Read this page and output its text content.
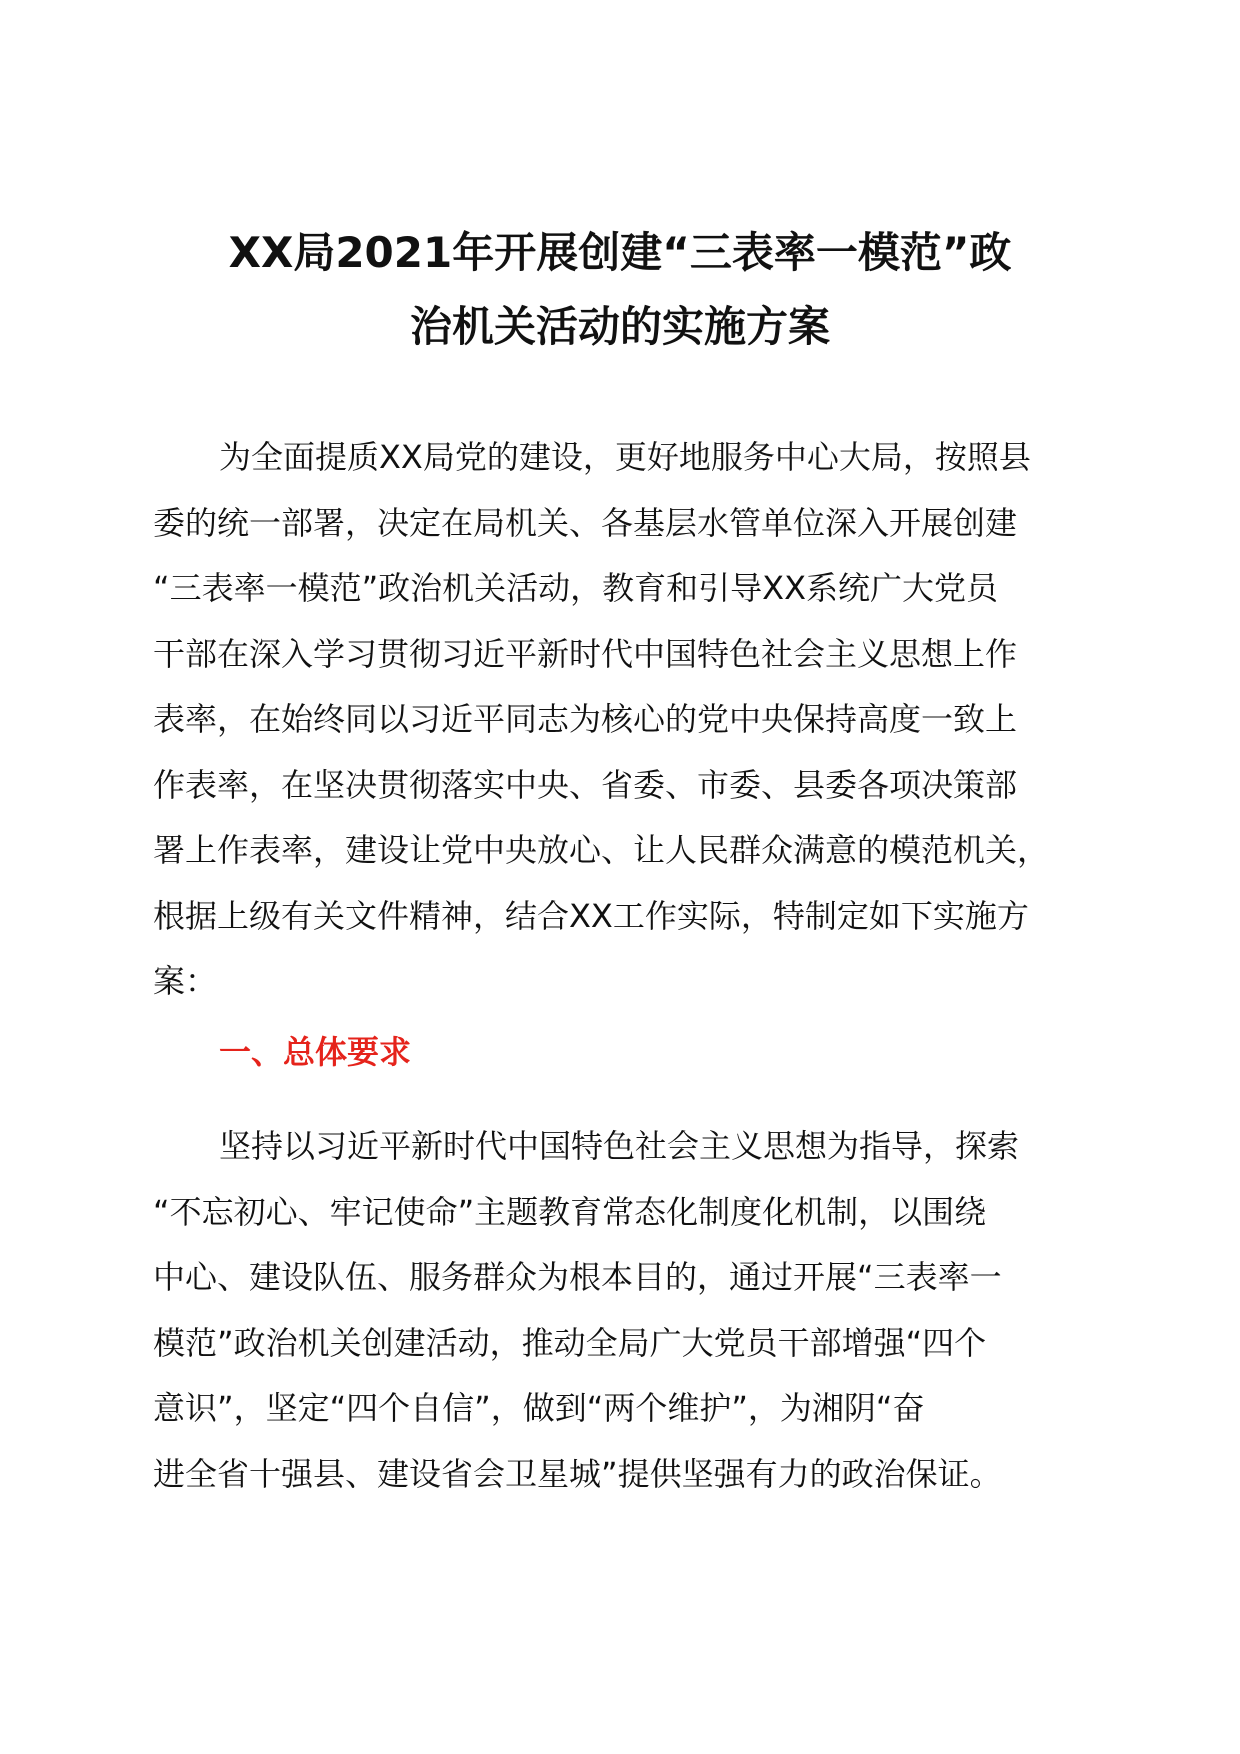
XX局2021年开展创建“三表率一模范”政
治机关活动的实施方案

为全面提质XX局党的建设，更好地服务中心大局，按照县
委的统一部署，决定在局机关、各基层水管单位深入开展创建
“三表率一模范”政治机关活动，教育和引导XX系统广大党员
干部在深入学习贯彻习近平新时代中国特色社会主义思想上作
表率，在始终同以习近平同志为核心的党中央保持高度一致上
作表率，在坚决贯彻落实中央、省委、市委、县委各项决策部
署上作表率，建设让党中央放心、让人民群众满意的模范机关，
根据上级有关文件精神，结合XX工作实际，特制定如下实施方
案：

一、总体要求

坚持以习近平新时代中国特色社会主义思想为指导，探索
“不忘初心、牢记使命”主题教育常态化制度化机制，以围绕
中心、建设队伍、服务群众为根本目的，通过开展“三表率一
模范”政治机关创建活动，推动全局广大党员干部增强“四个
意识”，坚定“四个自信”，做到“两个维护”，为湘阴“奋
进全省十强县、建设省会卫星城”提供坚强有力的政治保证。
